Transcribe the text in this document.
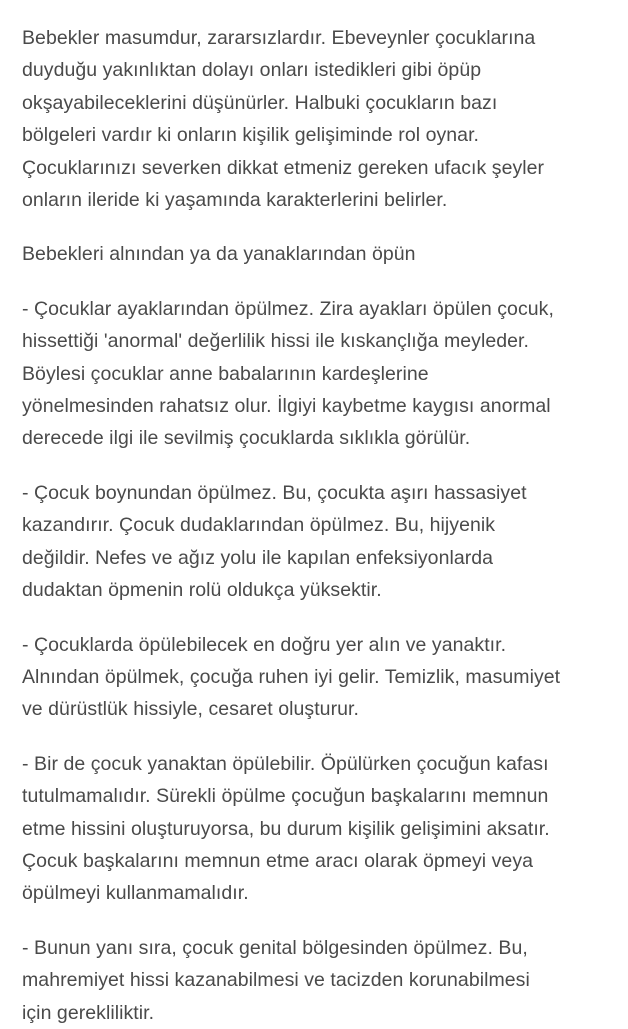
Bebekler masumdur, zararsızlardır. Ebeveynler çocuklarına
duyduğu yakınlıktan dolayı onları istedikleri gibi öpüp
okşayabileceklerini düşünürler. Halbuki çocukların bazı
bölgeleri vardır ki onların kişilik gelişiminde rol oynar.
Çocuklarınızı severken dikkat etmeniz gereken ufacık şeyler
onların ileride ki yaşamında karakterlerini belirler.

Bebekleri alnından ya da yanaklarından öpün

- Çocuklar ayaklarından öpülmez. Zira ayakları öpülen çocuk,
hissettiği 'anormal' değerlilik hissi ile kıskançlığa meyleder.
Böylesi çocuklar anne babalarının kardeşlerine
yönelmesinden rahatsız olur. İlgiyi kaybetme kaygısı anormal
derecede ilgi ile sevilmiş çocuklarda sıklıkla görülür.

- Çocuk boynundan öpülmez. Bu, çocukta aşırı hassasiyet
kazandırır. Çocuk dudaklarından öpülmez. Bu, hijyenik
değildir. Nefes ve ağız yolu ile kapılan enfeksiyonlarda
dudaktan öpmenin rolü oldukça yüksektir.

- Çocuklarda öpülebilecek en doğru yer alın ve yanaktır.
Alnından öpülmek, çocuğa ruhen iyi gelir. Temizlik, masumiyet
ve dürüstlük hissiyle, cesaret oluşturur.

- Bir de çocuk yanaktan öpülebilir. Öpülürken çocuğun kafası
tutulmamalıdır. Sürekli öpülme çocuğun başkalarını memnun
etme hissini oluşturuyorsa, bu durum kişilik gelişimini aksatır.
Çocuk başkalarını memnun etme aracı olarak öpmeyi veya
öpülmeyi kullanmamalıdır.

- Bunun yanı sıra, çocuk genital bölgesinden öpülmez. Bu,
mahremiyet hissi kazanabilmesi ve tacizden korunabilmesi
için gerekliliktir.
